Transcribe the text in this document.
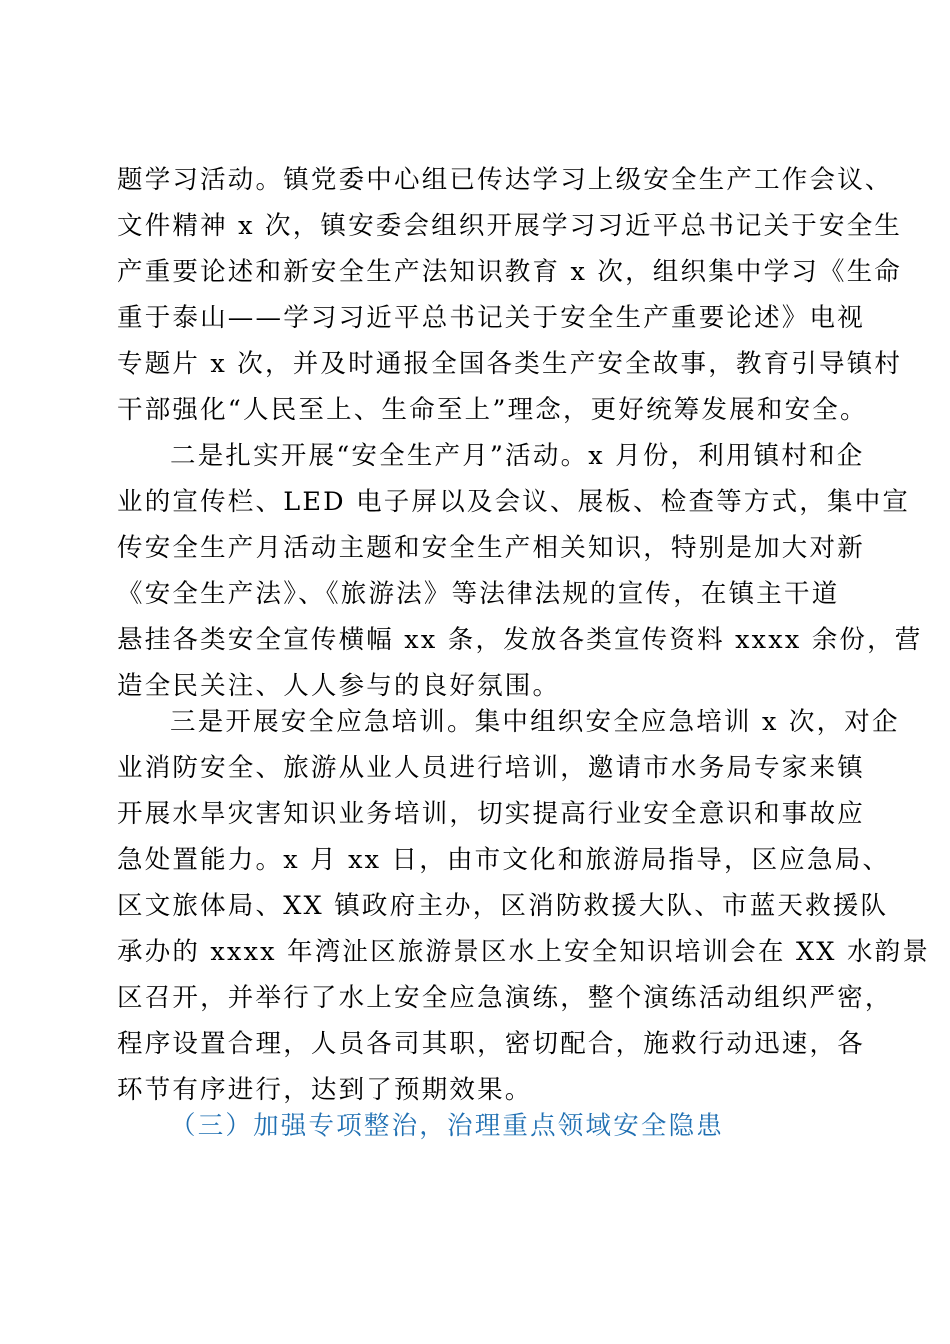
题学习活动。镇党委中心组已传达学习上级安全生产工作会议、
文件精神 x 次，镇安委会组织开展学习习近平总书记关于安全生
产重要论述和新安全生产法知识教育 x 次，组织集中学习《生命
重于泰山——学习习近平总书记关于安全生产重要论述》电视
专题片 x 次，并及时通报全国各类生产安全故事，教育引导镇村
干部强化“人民至上、生命至上”理念，更好统筹发展和安全。
二是扎实开展“安全生产月”活动。x 月份，利用镇村和企
业的宣传栏、LED 电子屏以及会议、展板、检查等方式，集中宣
传安全生产月活动主题和安全生产相关知识，特别是加大对新
《安全生产法》、《旅游法》等法律法规的宣传，在镇主干道
悬挂各类安全宣传横幅 xx 条，发放各类宣传资料 xxxx 余份，营
造全民关注、人人参与的良好氛围。
三是开展安全应急培训。集中组织安全应急培训 x 次，对企
业消防安全、旅游从业人员进行培训，邀请市水务局专家来镇
开展水旱灾害知识业务培训，切实提高行业安全意识和事故应
急处置能力。x 月 xx 日，由市文化和旅游局指导，区应急局、
区文旅体局、XX 镇政府主办，区消防救援大队、市蓝天救援队
承办的 xxxx 年湾沚区旅游景区水上安全知识培训会在 XX 水韵景
区召开，并举行了水上安全应急演练，整个演练活动组织严密，
程序设置合理，人员各司其职，密切配合，施救行动迅速，各
环节有序进行，达到了预期效果。
（三）加强专项整治，治理重点领域安全隐患
